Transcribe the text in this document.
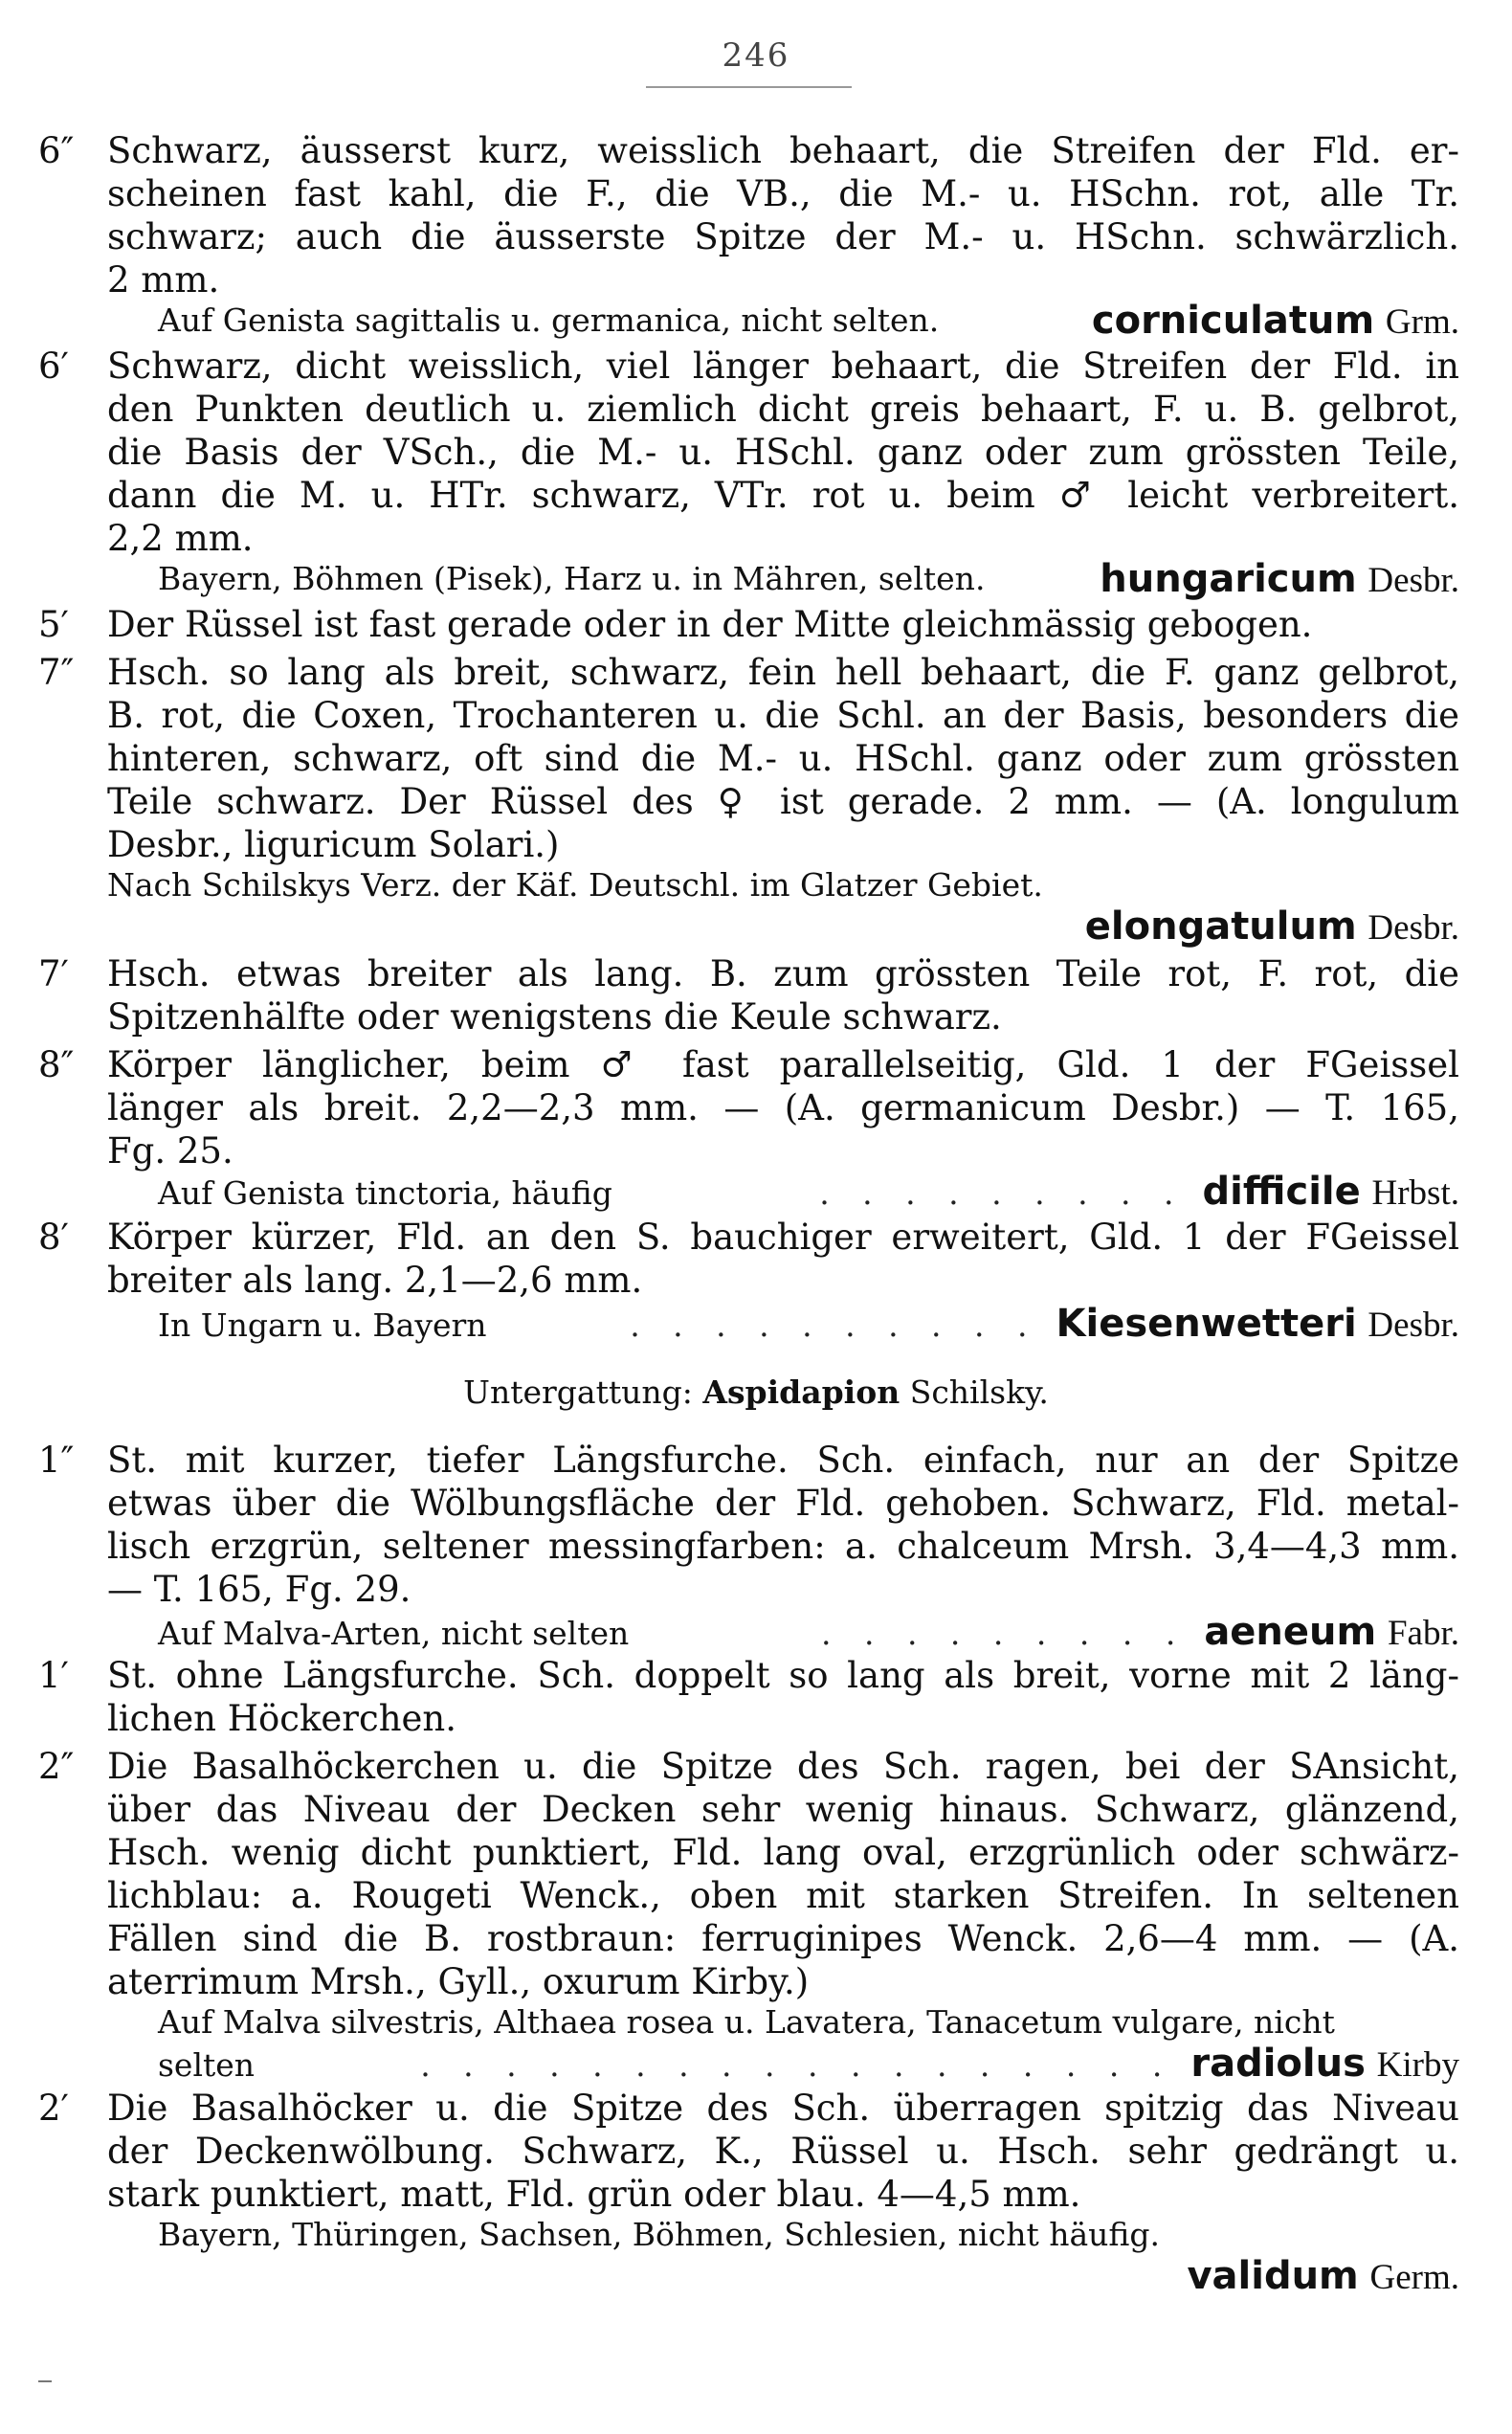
246
6″ Schwarz, äusserst kurz, weisslich behaart, die Streifen der Fld. er-
scheinen fast kahl, die F., die VB., die M.- u. HSchn. rot, alle Tr.
schwarz; auch die äusserste Spitze der M.- u. HSchn. schwärzlich.
2 mm.
Auf Genista sagittalis u. germanica, nicht selten.	corniculatum Grm.
6′ Schwarz, dicht weisslich, viel länger behaart, die Streifen der Fld. in
den Punkten deutlich u. ziemlich dicht greis behaart, F. u. B. gelbrot,
die Basis der VSch., die M.- u. HSchl. ganz oder zum grössten Teile,
dann die M. u. HTr. schwarz, VTr. rot u. beim ♂ leicht verbreitert.
2,2 mm.
Bayern, Böhmen (Pisek), Harz u. in Mähren, selten.	hungaricum Desbr.
5′ Der Rüssel ist fast gerade oder in der Mitte gleichmässig gebogen.
7″ Hsch. so lang als breit, schwarz, fein hell behaart, die F. ganz gelbrot,
B. rot, die Coxen, Trochanteren u. die Schl. an der Basis, besonders die
hinteren, schwarz, oft sind die M.- u. HSchl. ganz oder zum grössten
Teile schwarz. Der Rüssel des ♀ ist gerade. 2 mm. — (A. longulum
Desbr., liguricum Solari.)
Nach Schilskys Verz. der Käf. Deutschl. im Glatzer Gebiet.
elongatulum Desbr.
7′ Hsch. etwas breiter als lang. B. zum grössten Teile rot, F. rot, die
Spitzenhälfte oder wenigstens die Keule schwarz.
8″ Körper länglicher, beim ♂ fast parallelseitig, Gld. 1 der FGeissel
länger als breit. 2,2—2,3 mm. — (A. germanicum Desbr.) — T. 165,
Fg. 25.
Auf Genista tinctoria, häufig	. . . . . . . . . difficile Hrbst.
8′ Körper kürzer, Fld. an den S. bauchiger erweitert, Gld. 1 der FGeissel
breiter als lang. 2,1—2,6 mm.
In Ungarn u. Bayern	. . . . . . . . . . Kiesenwetteri Desbr.
Untergattung: Aspidapion Schilsky.
1″ St. mit kurzer, tiefer Längsfurche. Sch. einfach, nur an der Spitze
etwas über die Wölbungsfläche der Fld. gehoben. Schwarz, Fld. metal-
lisch erzgrün, seltener messingfarben: a. chalceum Mrsh. 3,4—4,3 mm.
— T. 165, Fg. 29.
Auf Malva-Arten, nicht selten	. . . . . . . . . aeneum Fabr.
1′ St. ohne Längsfurche. Sch. doppelt so lang als breit, vorne mit 2 läng-
lichen Höckerchen.
2″ Die Basalhöckerchen u. die Spitze des Sch. ragen, bei der SAnsicht,
über das Niveau der Decken sehr wenig hinaus. Schwarz, glänzend,
Hsch. wenig dicht punktiert, Fld. lang oval, erzgrünlich oder schwärz-
lichblau: a. Rougeti Wenck., oben mit starken Streifen. In seltenen
Fällen sind die B. rostbraun: ferruginipes Wenck. 2,6—4 mm. — (A.
aterrimum Mrsh., Gyll., oxurum Kirby.)
Auf Malva silvestris, Althaea rosea u. Lavatera, Tanacetum vulgare, nicht
selten	. . . . . . . . . . . . . . . . . . radiolus Kirby
2′ Die Basalhöcker u. die Spitze des Sch. überragen spitzig das Niveau
der Deckenwölbung. Schwarz, K., Rüssel u. Hsch. sehr gedrängt u.
stark punktiert, matt, Fld. grün oder blau. 4—4,5 mm.
Bayern, Thüringen, Sachsen, Böhmen, Schlesien, nicht häufig.
validum Germ.
